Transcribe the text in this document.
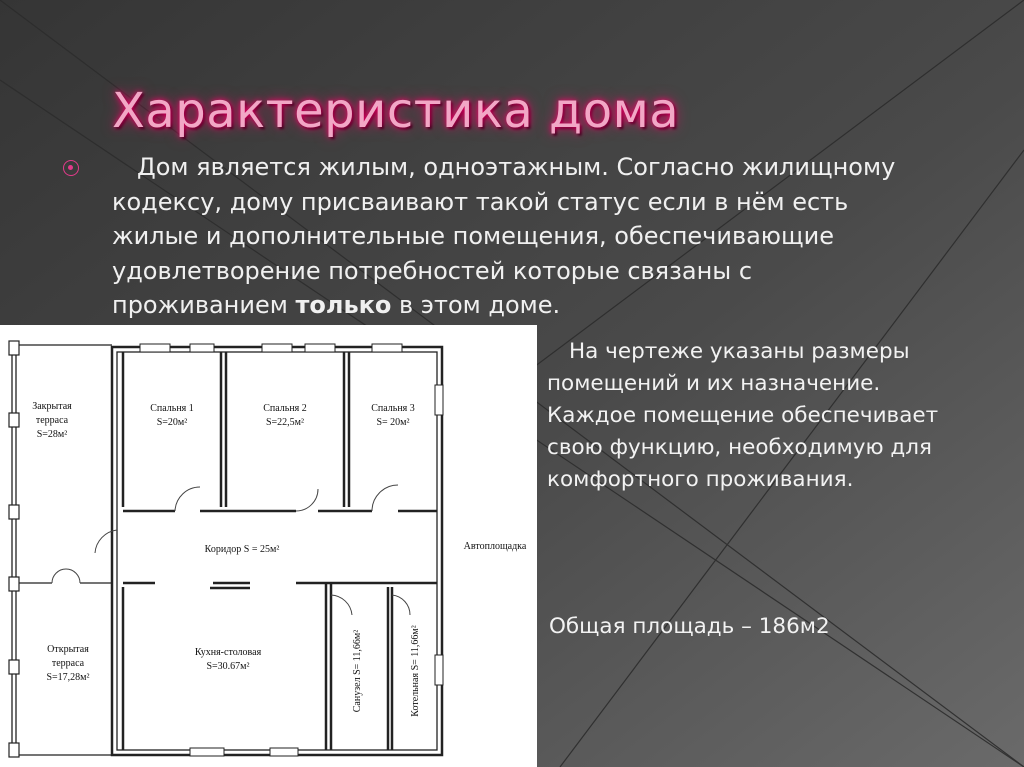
Характеристика дома
Дом является жилым, одноэтажным. Согласно жилищному
кодексу, дому присваивают такой статус если в нём есть
жилые и дополнительные помещения, обеспечивающие
удовлетворение потребностей которые связаны с
проживанием только в этом доме.
Закрытая
терраса
S=28м²
Спальня 1
S=20м²
Спальня 2
S=22,5м²
Спальня 3
S= 20м²
Коридор S = 25м²	Автоплощадка
Открытая
терраса
S=17,28м²
Кухня-столовая
S=30.67м²	Санузел S= 11,66м²	Котельная S= 11,66м²
На чертеже указаны размеры
помещений и их назначение.
Каждое помещение обеспечивает
свою функцию, необходимую для
комфортного проживания.
Общая площадь – 186м2
